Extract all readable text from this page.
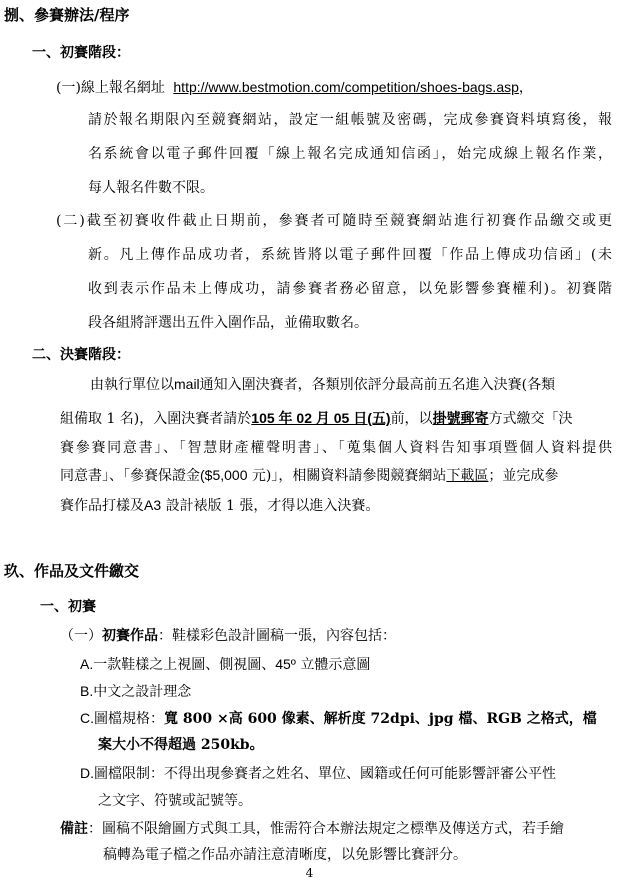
捌、參賽辦法/程序
一、初賽階段：
(一)線上報名網址 http://www.bestmotion.com/competition/shoes-bags.asp，
請於報名期限內至競賽網站，設定一組帳號及密碼，完成參賽資料填寫後，報
名系統會以電子郵件回覆「線上報名完成通知信函」，始完成線上報名作業，
每人報名件數不限。
(二)截至初賽收件截止日期前，參賽者可隨時至競賽網站進行初賽作品繳交或更
新。凡上傳作品成功者，系統皆將以電子郵件回覆「作品上傳成功信函」(未
收到表示作品未上傳成功，請參賽者務必留意，以免影響參賽權利)。初賽階
段各組將評選出五件入圍作品，並備取數名。
二、決賽階段：
由執行單位以mail通知入圍決賽者，各類別依評分最高前五名進入決賽(各類
組備取 1 名)，入圍決賽者請於105 年 02 月 05 日(五)前，以掛號郵寄方式繳交「決
賽參賽同意書」、「智慧財產權聲明書」、「蒐集個人資料告知事項暨個人資料提供
同意書」、「參賽保證金($5,000 元)」，相關資料請參閱競賽網站下載區；並完成參
賽作品打樣及A3 設計裱版 1 張，才得以進入決賽。
玖、作品及文件繳交
一、初賽
（一）初賽作品：鞋樣彩色設計圖稿一張，內容包括：
A.一款鞋樣之上視圖、側視圖、45º 立體示意圖
B.中文之設計理念
C.圖檔規格：寬 800 ×高 600 像素、解析度 72dpi、jpg 檔、RGB 之格式，檔
案大小不得超過 250kb。
D.圖檔限制：不得出現參賽者之姓名、單位、國籍或任何可能影響評審公平性
之文字、符號或記號等。
備註：圖稿不限繪圖方式與工具，惟需符合本辦法規定之標準及傳送方式，若手繪
稿轉為電子檔之作品亦請注意清晰度，以免影響比賽評分。
4
